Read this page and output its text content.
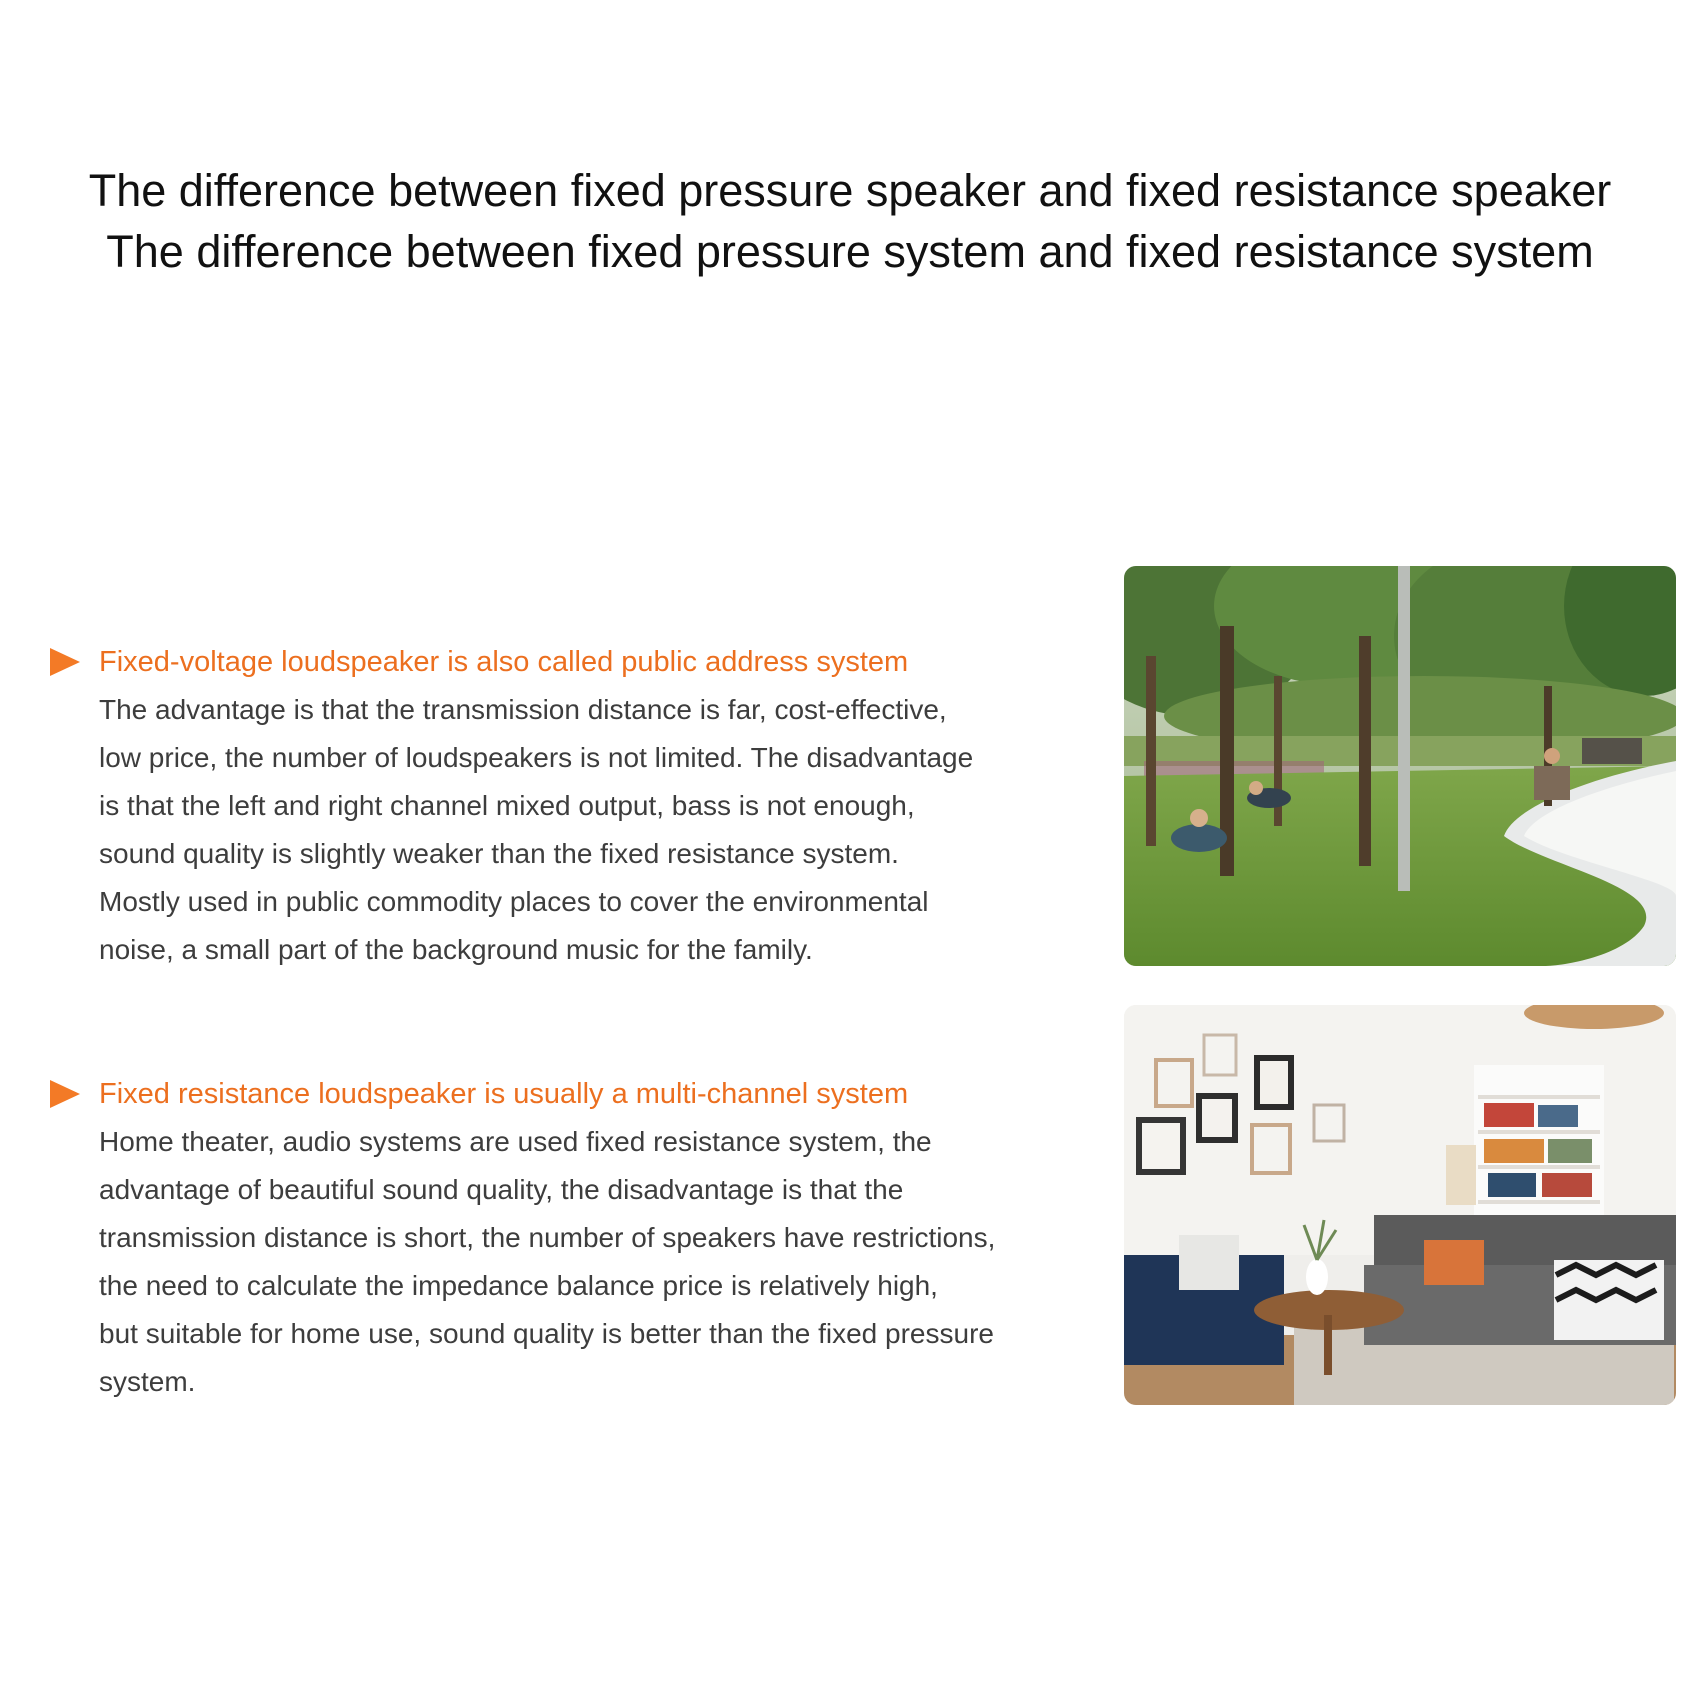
The difference between fixed pressure speaker and fixed resistance speaker
The difference between fixed pressure system and fixed resistance system
Fixed-voltage loudspeaker is also called public address system
The advantage is that the transmission distance is far, cost-effective,
low price, the number of loudspeakers is not limited. The disadvantage
is that the left and right channel mixed output, bass is not enough,
sound quality is slightly weaker than the fixed resistance system.
Mostly used in public commodity places to cover the environmental
noise, a small part of the background music for the family.
Fixed resistance loudspeaker is usually a multi-channel system
Home theater, audio systems are used fixed resistance system, the
advantage of beautiful sound quality, the disadvantage is that the
transmission distance is short, the number of speakers have restrictions,
the need to calculate the impedance balance price is relatively high,
but suitable for home use, sound quality is better than the fixed pressure
system.
